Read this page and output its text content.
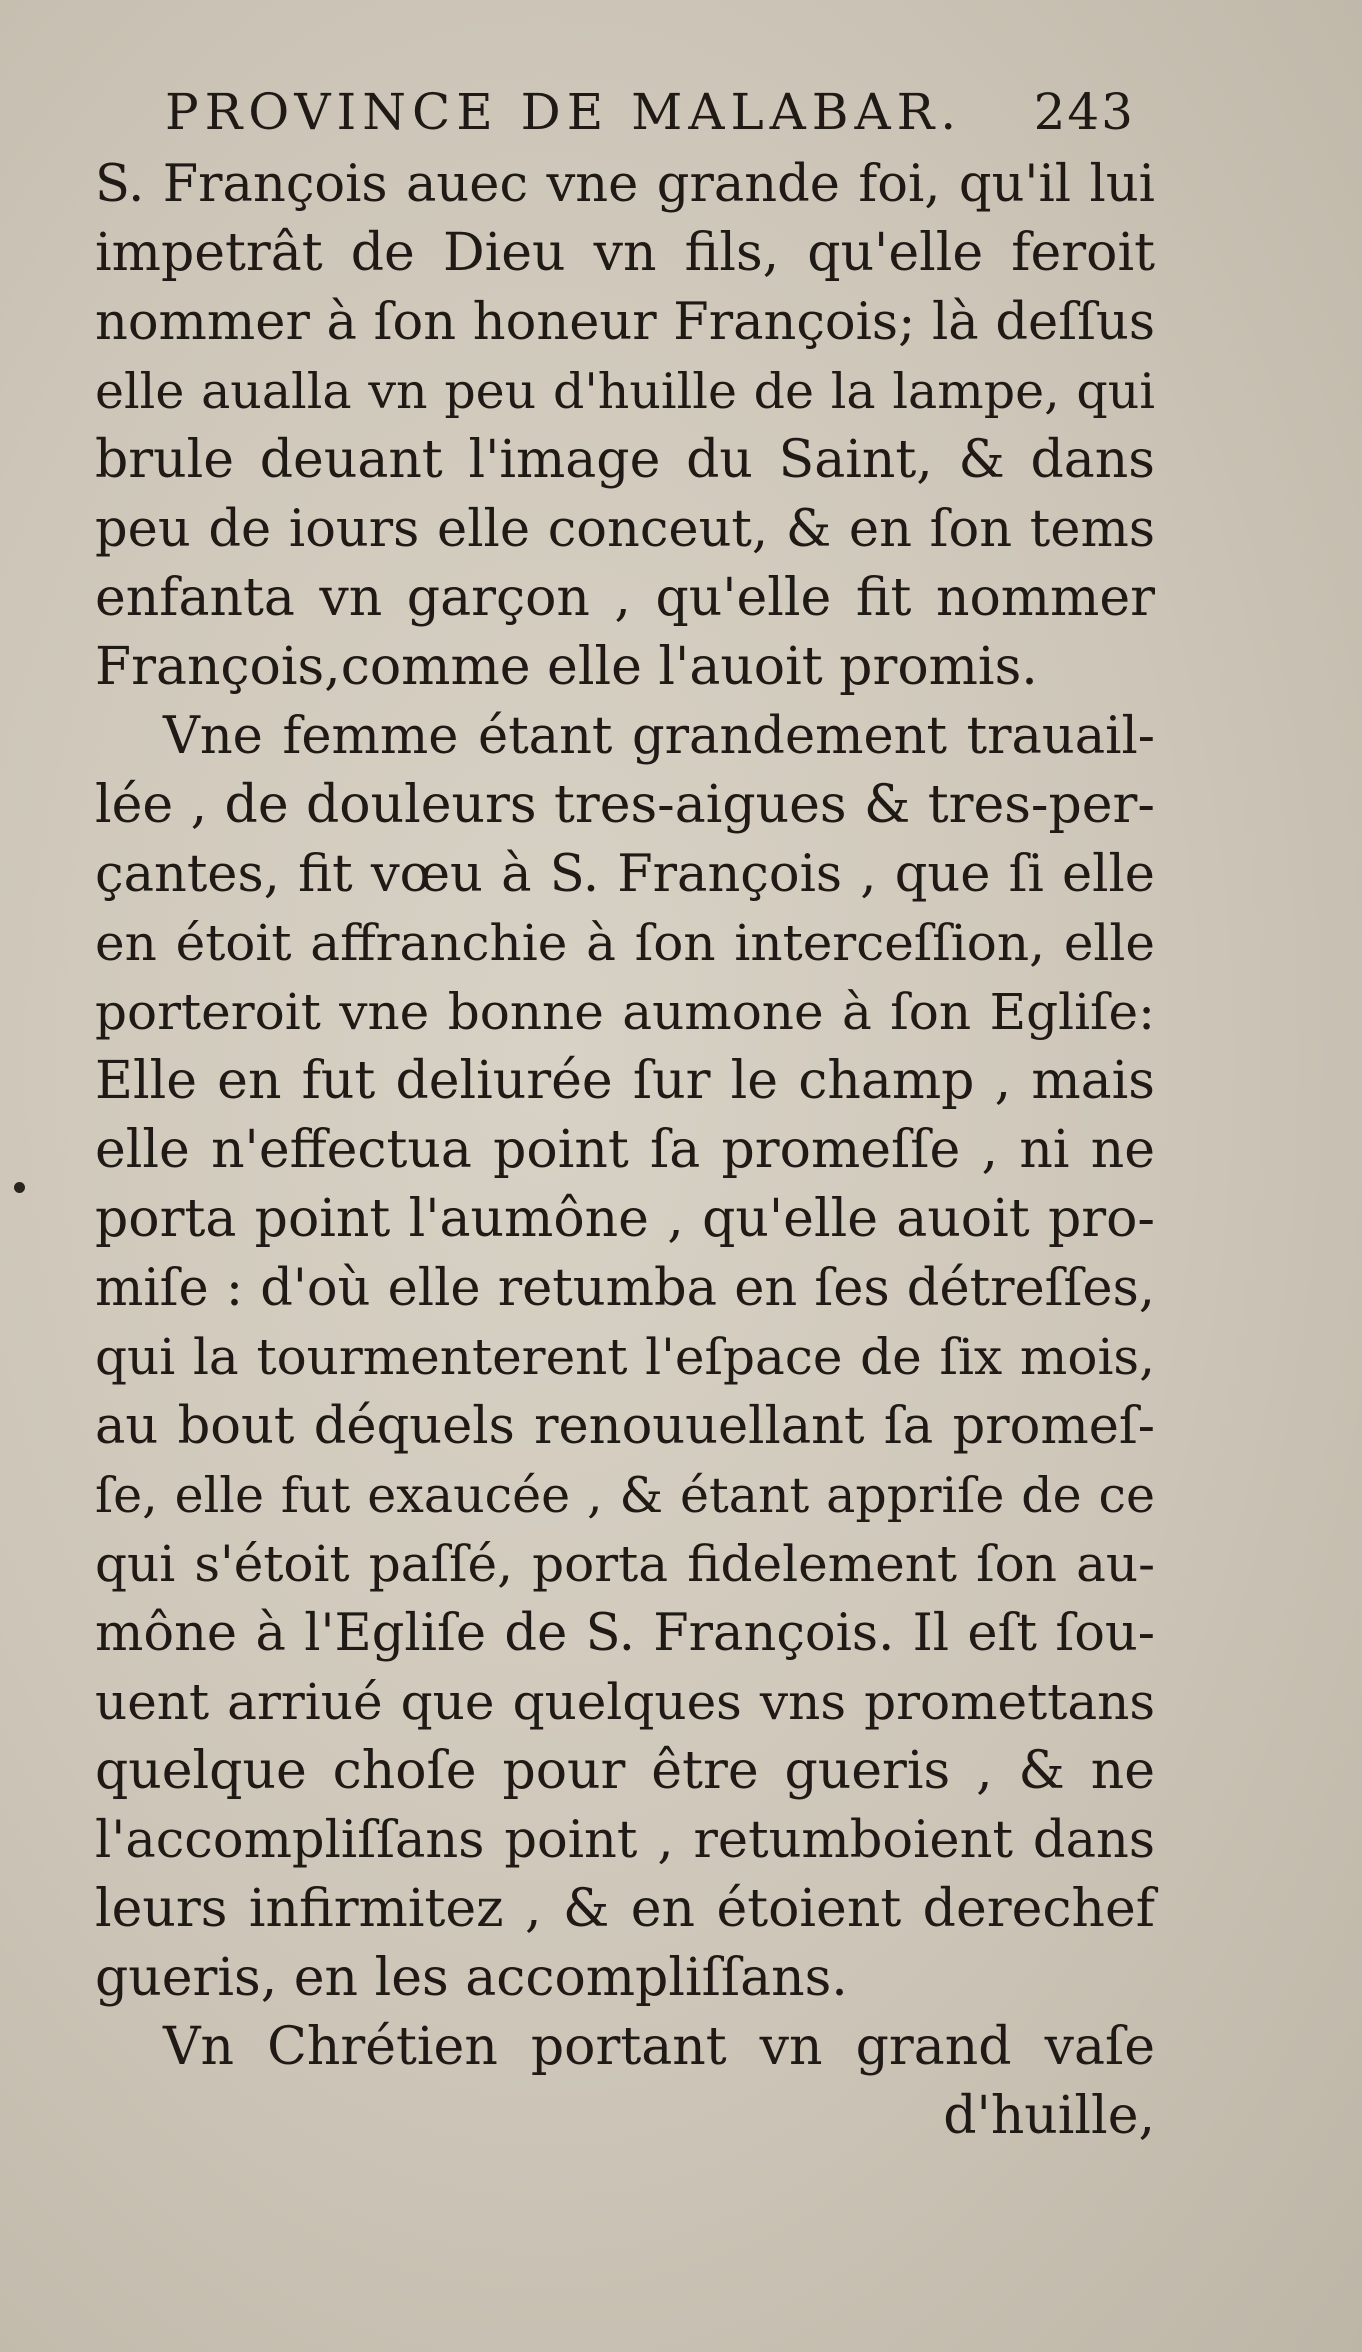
PROVINCE DE MALABAR. 243
S. François auec vne grande foi, qu'il lui
impetrât de Dieu vn fils, qu'elle feroit
nommer à ſon honeur François; là deſſus
elle aualla vn peu d'huille de la lampe, qui
brule deuant l'image du Saint, & dans
peu de iours elle conceut, & en ſon tems
enfanta vn garçon , qu'elle fit nommer
François,comme elle l'auoit promis.
Vne femme étant grandement trauail-
lée , de douleurs tres-aigues & tres-per-
çantes, fit vœu à S. François , que ſi elle
en étoit affranchie à ſon interceſſion, elle
porteroit vne bonne aumone à ſon Egliſe:
Elle en fut deliurée ſur le champ , mais
elle n'effectua point ſa promeſſe , ni ne
porta point l'aumône , qu'elle auoit pro-
miſe : d'où elle retumba en ſes détreſſes,
qui la tourmenterent l'eſpace de ſix mois,
au bout déquels renouuellant ſa promeſ-
ſe, elle fut exaucée , & étant appriſe de ce
qui s'étoit paſſé, porta fidelement ſon au-
mône à l'Egliſe de S. François. Il eſt ſou-
uent arriué que quelques vns promettans
quelque choſe pour être gueris , & ne
l'accompliſſans point , retumboient dans
leurs infirmitez , & en étoient derechef
gueris, en les accompliſſans.
Vn Chrétien portant vn grand vaſe
d'huille,
